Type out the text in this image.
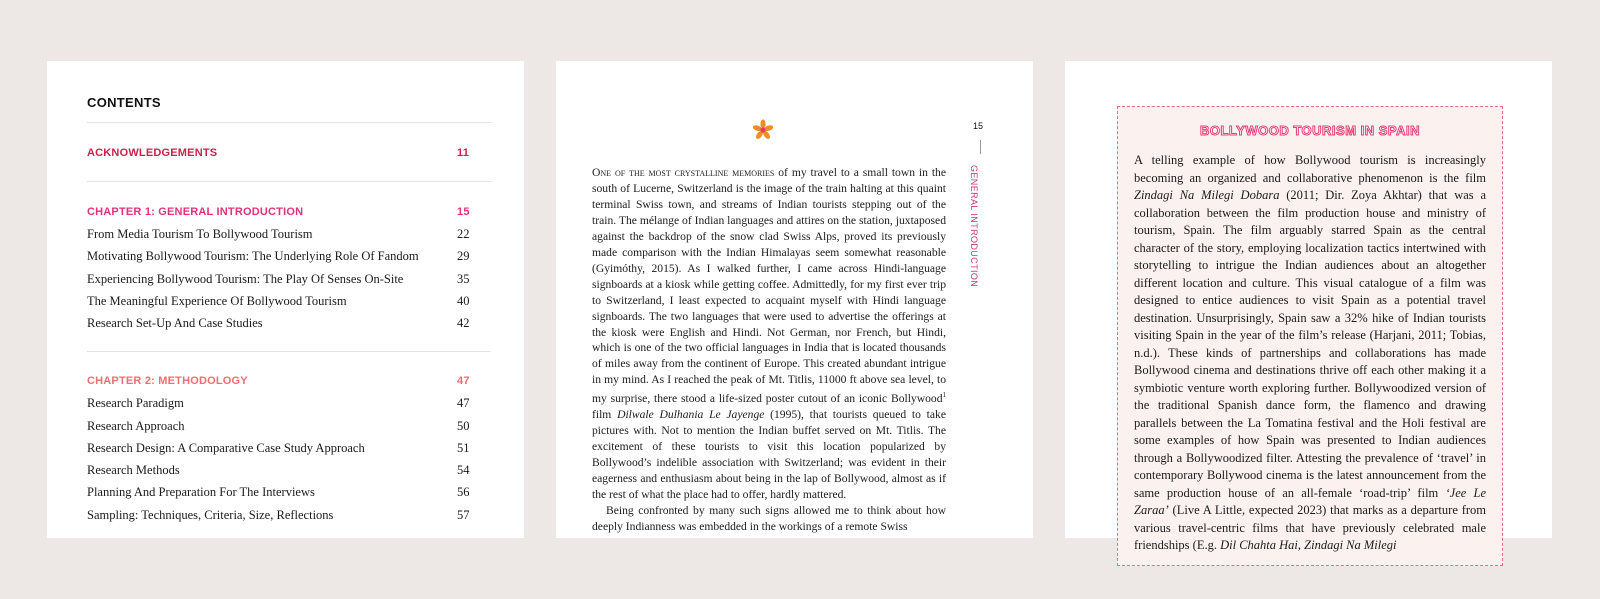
CONTENTS
ACKNOWLEDGEMENTS	11
CHAPTER 1: GENERAL INTRODUCTION	15
From Media Tourism To Bollywood Tourism	22
Motivating Bollywood Tourism: The Underlying Role Of Fandom	29
Experiencing Bollywood Tourism: The Play Of Senses On-Site	35
The Meaningful Experience Of Bollywood Tourism	40
Research Set-Up And Case Studies	42
CHAPTER 2: METHODOLOGY	47
Research Paradigm	47
Research Approach	50
Research Design: A Comparative Case Study Approach	51
Research Methods	54
Planning And Preparation For The Interviews	56
Sampling: Techniques, Criteria, Size, Reflections	57

One of the most crystalline memories of my travel to a small town in the south of Lucerne, Switzerland is the image of the train halting at this quaint terminal Swiss town, and streams of Indian tourists stepping out of the train. The mélange of Indian languages and attires on the station, juxtaposed against the backdrop of the snow clad Swiss Alps, proved its previously made comparison with the Indian Himalayas seem somewhat reasonable (Gyimóthy, 2015). As I walked further, I came across Hindi-language signboards at a kiosk while getting coffee. Admittedly, for my first ever trip to Switzerland, I least expected to acquaint myself with Hindi language signboards. The two languages that were used to advertise the offerings at the kiosk were English and Hindi. Not German, nor French, but Hindi, which is one of the two official languages in India that is located thousands of miles away from the continent of Europe. This created abundant intrigue in my mind. As I reached the peak of Mt. Titlis, 11000 ft above sea level, to my surprise, there stood a life-sized poster cutout of an iconic Bollywood$^1$ film Dilwale Dulhania Le Jayenge (1995), that tourists queued to take pictures with. Not to mention the Indian buffet served on Mt. Titlis. The excitement of these tourists to visit this location popularized by Bollywood’s indelible association with Switzerland; was evident in their eagerness and enthusiasm about being in the lap of Bollywood, almost as if the rest of what the place had to offer, hardly mattered.

Being confronted by many such signs allowed me to think about how deeply Indianness was embedded in the workings of a remote Swiss

15
GENERAL INTRODUCTION
BOLLYWOOD TOURISM IN SPAIN

A telling example of how Bollywood tourism is increasingly becoming an organized and collaborative phenomenon is the film Zindagi Na Milegi Dobara (2011; Dir. Zoya Akhtar) that was a collaboration between the film production house and ministry of tourism, Spain. The film arguably starred Spain as the central character of the story, employing localization tactics intertwined with storytelling to intrigue the Indian audiences about an altogether different location and culture. This visual catalogue of a film was designed to entice audiences to visit Spain as a potential travel destination. Unsurprisingly, Spain saw a 32% hike of Indian tourists visiting Spain in the year of the film’s release (Harjani, 2011; Tobias, n.d.). These kinds of partnerships and collaborations has made Bollywood cinema and destinations thrive off each other making it a symbiotic venture worth exploring further. Bollywoodized version of the traditional Spanish dance form, the flamenco and drawing parallels between the La Tomatina festival and the Holi festival are some examples of how Spain was presented to Indian audiences through a Bollywoodized filter. Attesting the prevalence of ‘travel’ in contemporary Bollywood cinema is the latest announcement from the same production house of an all-female ‘road-trip’ film ‘Jee Le Zaraa’ (Live A Little, expected 2023) that marks as a departure from various travel-centric films that have previously celebrated male friendships (E.g. Dil Chahta Hai, Zindagi Na Milegi
